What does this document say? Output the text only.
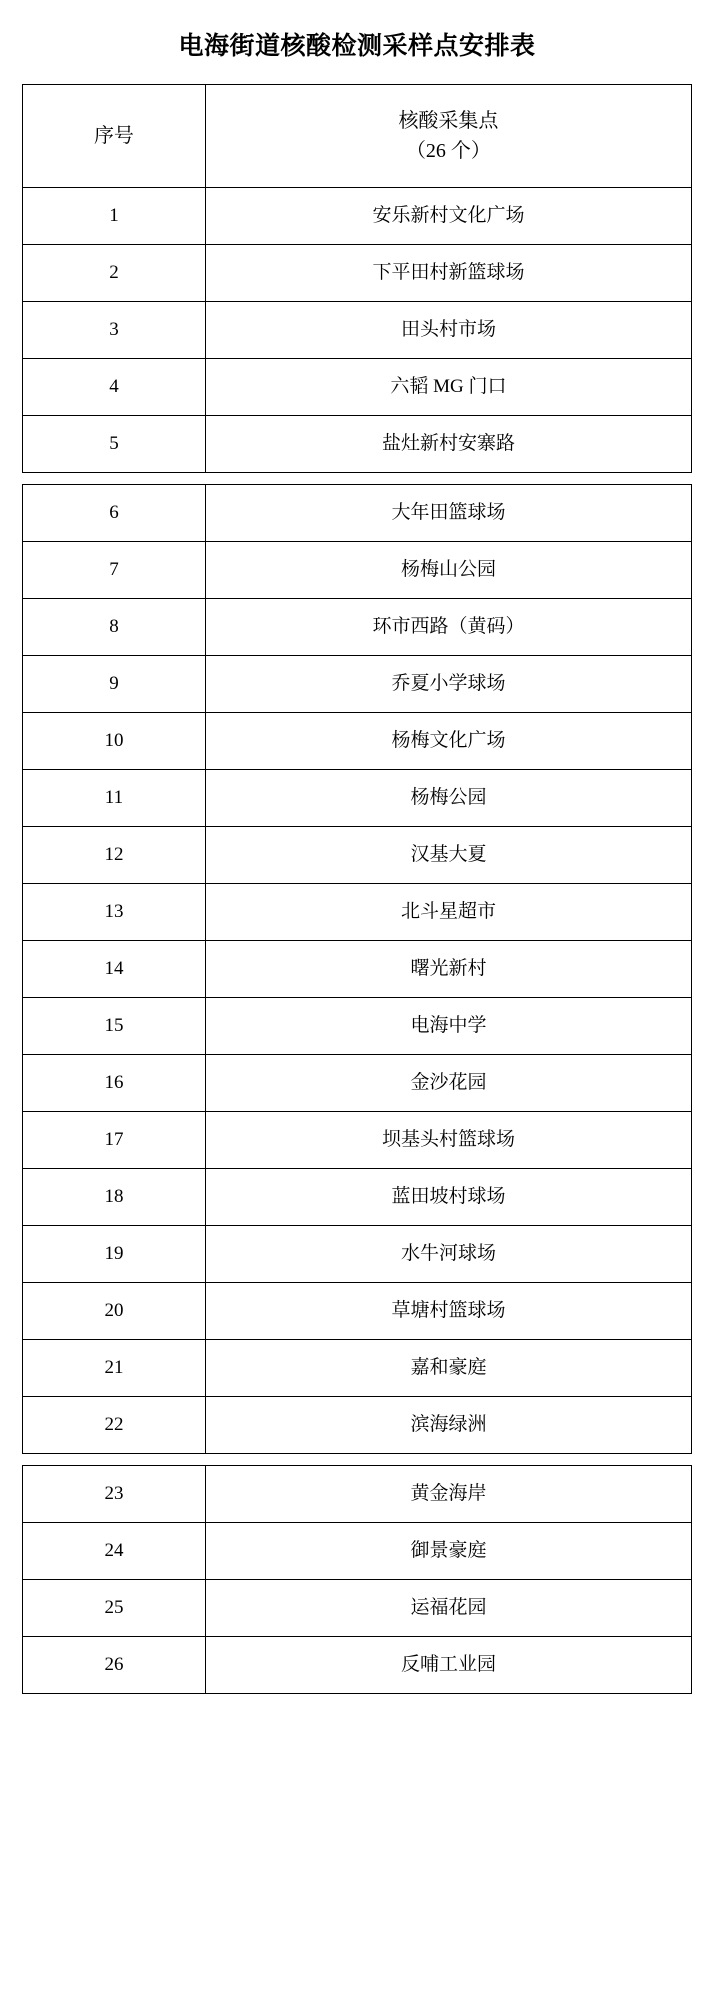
电海街道核酸检测采样点安排表
序号	核酸采集点
（26 个）

1	安乐新村文化广场
2	下平田村新篮球场
3	田头村市场
4	六韬 MG 门口
5	盐灶新村安寨路

6	大年田篮球场
7	杨梅山公园
8	环市西路（黄码）
9	乔夏小学球场
10	杨梅文化广场
11	杨梅公园
12	汉基大夏
13	北斗星超市
14	曙光新村
15	电海中学
16	金沙花园
17	坝基头村篮球场
18	蓝田坡村球场
19	水牛河球场
20	草塘村篮球场
21	嘉和豪庭
22	滨海绿洲

23	黄金海岸
24	御景豪庭
25	运福花园
26	反哺工业园
